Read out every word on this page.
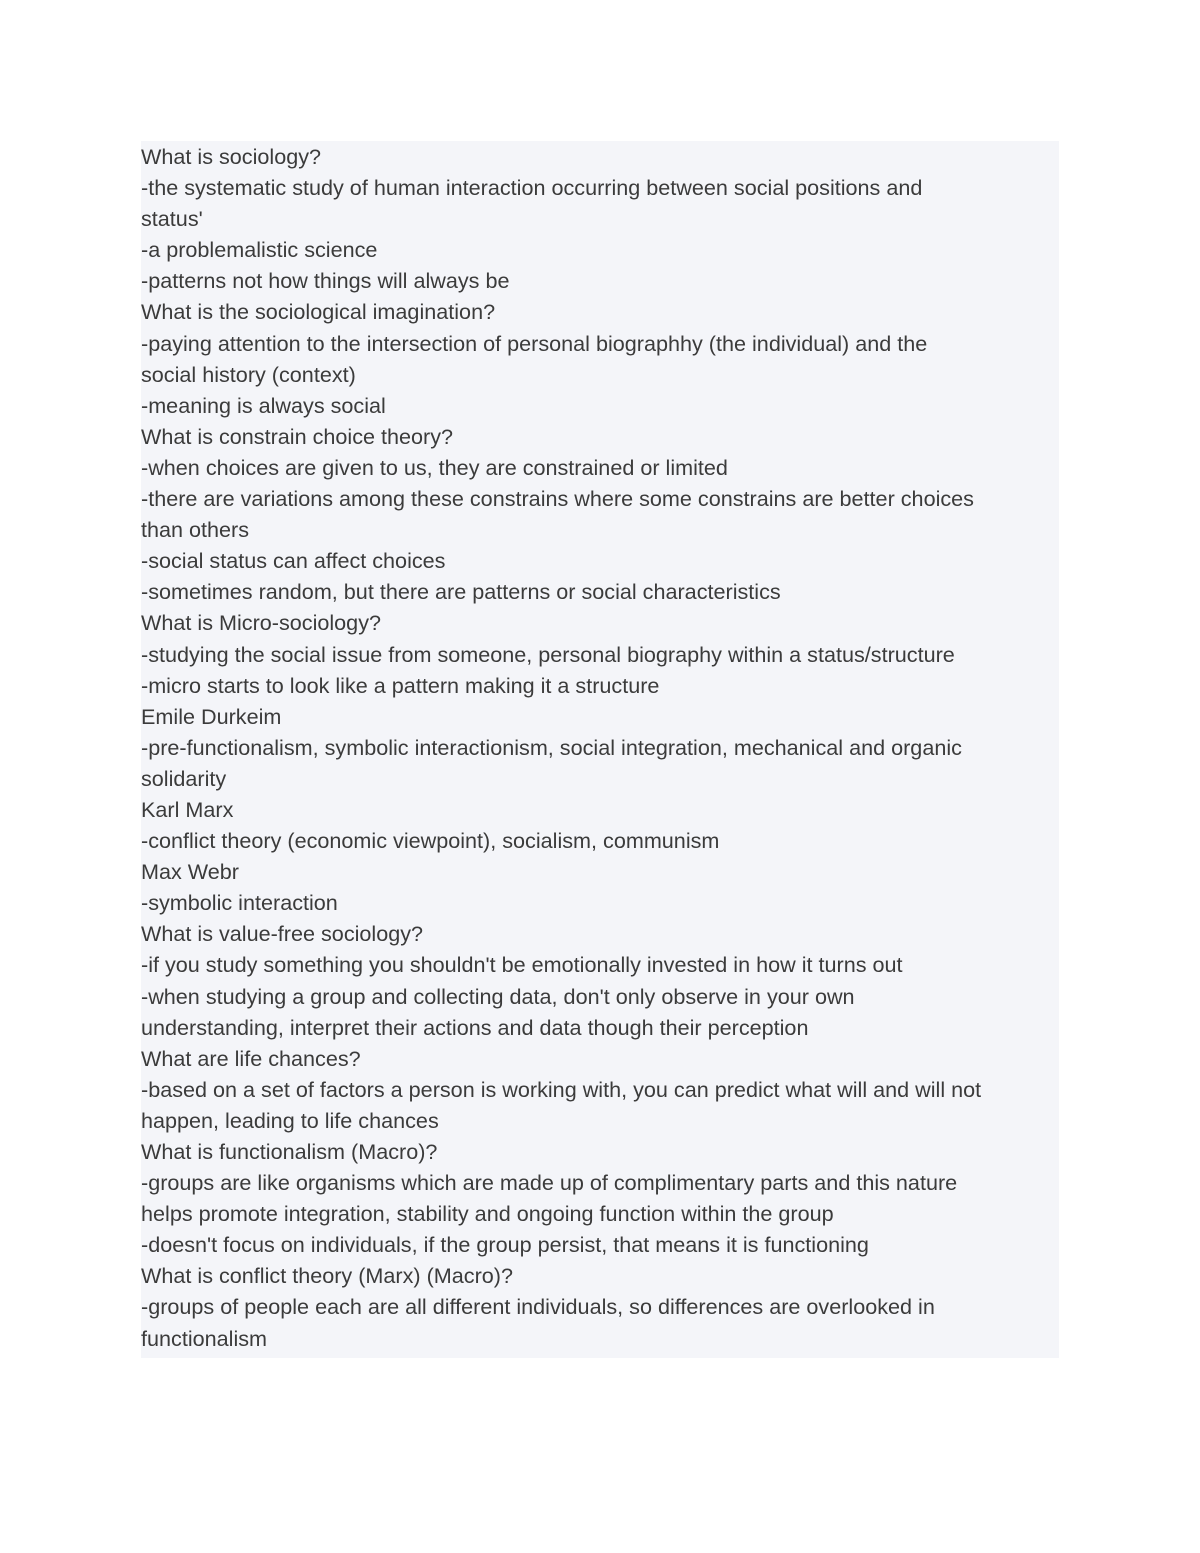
What is sociology?

-the systematic study of human interaction occurring between social positions and

status'

-a problemalistic science

-patterns not how things will always be

What is the sociological imagination?

-paying attention to the intersection of personal biographhy (the individual) and the

social history (context)

-meaning is always social

What is constrain choice theory?

-when choices are given to us, they are constrained or limited

-there are variations among these constrains where some constrains are better choices

than others

-social status can affect choices

-sometimes random, but there are patterns or social characteristics

What is Micro-sociology?

-studying the social issue from someone, personal biography within a status/structure

-micro starts to look like a pattern making it a structure

Emile Durkeim

-pre-functionalism, symbolic interactionism, social integration, mechanical and organic

solidarity

Karl Marx

-conflict theory (economic viewpoint), socialism, communism

Max Webr

-symbolic interaction

What is value-free sociology?

-if you study something you shouldn't be emotionally invested in how it turns out

-when studying a group and collecting data, don't only observe in your own

understanding, interpret their actions and data though their perception

What are life chances?

-based on a set of factors a person is working with, you can predict what will and will not

happen, leading to life chances

What is functionalism (Macro)?

-groups are like organisms which are made up of complimentary parts and this nature

helps promote integration, stability and ongoing function within the group

-doesn't focus on individuals, if the group persist, that means it is functioning

What is conflict theory (Marx) (Macro)?

-groups of people each are all different individuals, so differences are overlooked in

functionalism
